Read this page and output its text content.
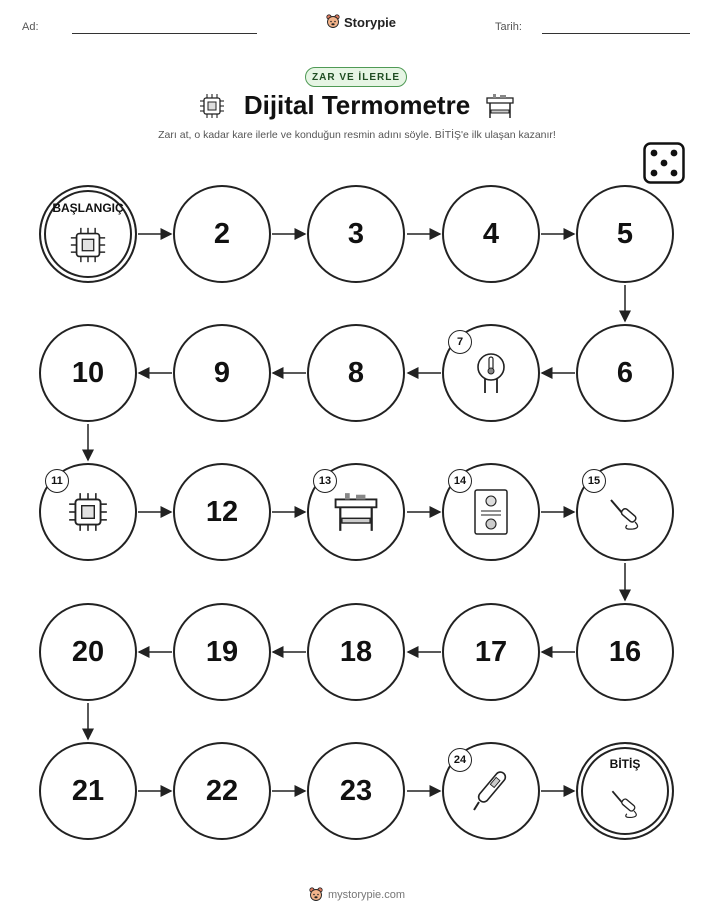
Ad:	Storypie	Tarih:
ZAR VE İLERLE
Dijital Termometre
Zarı at, o kadar kare ilerle ve konduğun resmin adını söyle. BİTİŞ'e ilk ulaşan kazanır!
BAŞLANGIÇ
2	3	4	5
10	9	8
7
6
11
12
13	14	15
20	19	18	17	16
21	22	23
24	BİTİŞ
mystorypie.com
